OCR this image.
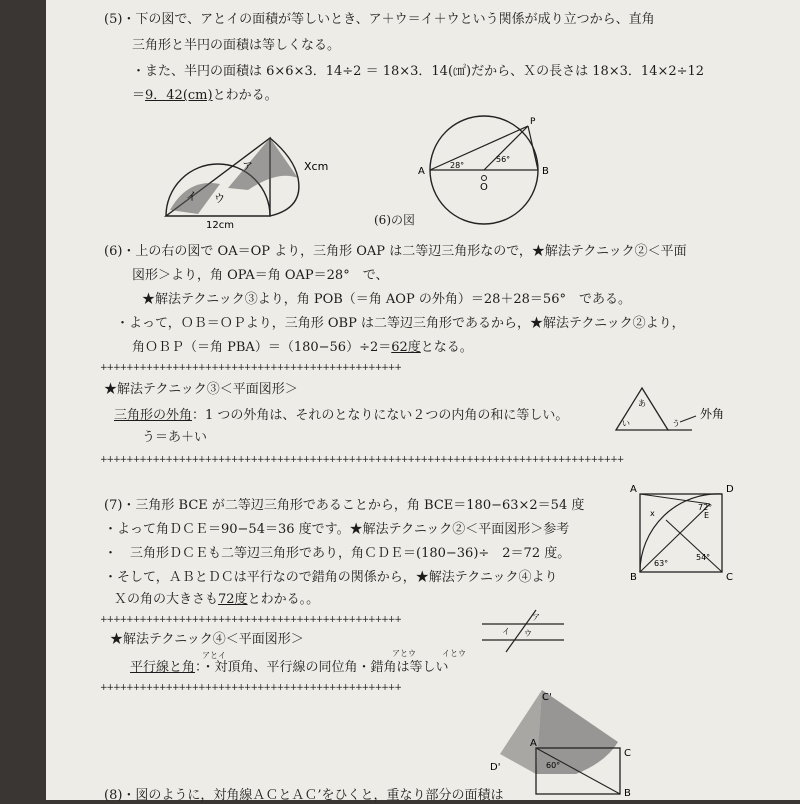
(5)・下の図で、アとイの面積が等しいとき、ア＋ウ＝イ＋ウという関係が成り立つから、直角
三角形と半円の面積は等しくなる。
・また、半円の面積は 6×6×3．14÷2 ＝ 18×3．14(㎠)だから、Ｘの長さは 18×3．14×2÷12
＝9．42(cm)とわかる。
Xcm
12cm
ア
イ ウ
A	B
O
P
28°
56°
(6)の図
(6)・上の右の図で OA＝OP より，三角形 OAP は二等辺三角形なので，★解法テクニック②＜平面
図形＞より，角 OPA＝角 OAP＝28°　で、
★解法テクニック③より，角 POB（＝角 AOP の外角）＝28＋28＝56°　である。
・よって，ＯＢ＝ＯＰより，三角形 OBP は二等辺三角形であるから，★解法テクニック②より，
角ＯＢＰ（＝角 PBA）＝（180−56）÷2＝62度となる。
++++++++++++++++++++++++++++++++++++++++++++++
★解法テクニック③＜平面図形＞
三角形の外角：1 つの外角は、それのとなりにない２つの内角の和に等しい。
う＝あ＋い
あ
い	う
外角
++++++++++++++++++++++++++++++++++++++++++++++++++++++++++++++++++++++++++++++++
(7)・三角形 BCE が二等辺三角形であることから，角 BCE＝180−63×2＝54 度
・よって角ＤＣＥ＝90−54＝36 度です。★解法テクニック②＜平面図形＞参考
・　三角形ＤＣＥも二等辺三角形であり，角ＣＤＥ＝(180−36)÷　2＝72 度。
・そして，ＡＢとＤＣは平行なので錯角の関係から，★解法テクニック④より
Ｘの角の大きさも72度とわかる。。
A	D
B	C
E
x
63°
72°
54°
++++++++++++++++++++++++++++++++++++++++++++++
★解法テクニック④＜平面図形＞
アとイ	アとウ	イとウ
平行線と角：・対頂角、平行線の同位角・錯角は等しい
ア
イ ウ
++++++++++++++++++++++++++++++++++++++++++++++
C'
A
C
D'
B
60°
(8)・図のように，対角線ＡＣとＡＣ’をひくと，重なり部分の面積は
